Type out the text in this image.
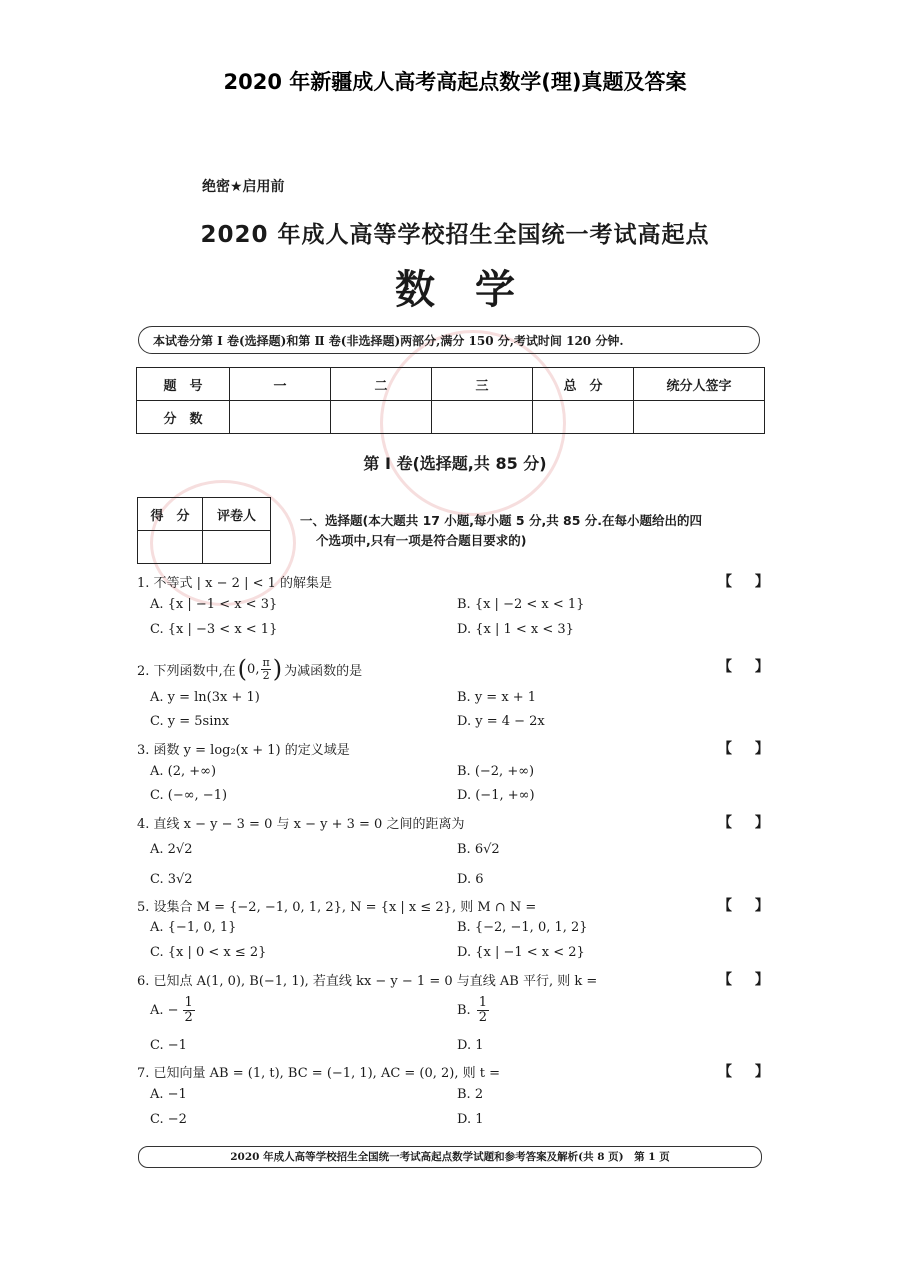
2020 年新疆成人高考高起点数学(理)真题及答案
绝密★启用前
2020 年成人高等学校招生全国统一考试高起点
数　学
本试卷分第 Ⅰ 卷(选择题)和第 Ⅱ 卷(非选择题)两部分,满分 150 分,考试时间 120 分钟.
题　号	一	二	三	总　分	统分人签字
分　数					
第 Ⅰ 卷(选择题,共 85 分)
得　分	评卷人
		一、选择题(本大题共 17 小题,每小题 5 分,共 85 分.在每小题给出的四
个选项中,只有一项是符合题目要求的)
1. 不等式 | x − 2 | < 1 的解集是	【 】
A. {x | −1 < x < 3}	B. {x | −2 < x < 1}
C. {x | −3 < x < 1}	D. {x | 1 < x < 3}
2. 下列函数中,在 ( 0, $\frac{\pi}{2}$ ) 为减函数的是	【 】
A. y = ln(3x + 1)	B. y = x + 1
C. y = 5sinx	D. y = 4 − 2x
3. 函数 y = log₂(x + 1) 的定义域是	【 】
A. (2, +∞)	B. (−2, +∞)
C. (−∞, −1)	D. (−1, +∞)
4. 直线 x − y − 3 = 0 与 x − y + 3 = 0 之间的距离为	【 】
A. 2√2	B. 6√2
C. 3√2	D. 6
5. 设集合 M = {−2, −1, 0, 1, 2}, N = {x | x ≤ 2}, 则 M ∩ N =	【 】
A. {−1, 0, 1}	B. {−2, −1, 0, 1, 2}
C. {x | 0 < x ≤ 2}	D. {x | −1 < x < 2}
6. 已知点 A(1, 0), B(−1, 1), 若直线 kx − y − 1 = 0 与直线 AB 平行, 则 k =	【 】
A. − $\frac{1}{2}$	B. $\frac{1}{2}$
C. −1	D. 1
7. 已知向量 AB = (1, t), BC = (−1, 1), AC = (0, 2), 则 t =	【 】
A. −1	B. 2
C. −2	D. 1
2020 年成人高等学校招生全国统一考试高起点数学试题和参考答案及解析(共 8 页)　第 1 页
